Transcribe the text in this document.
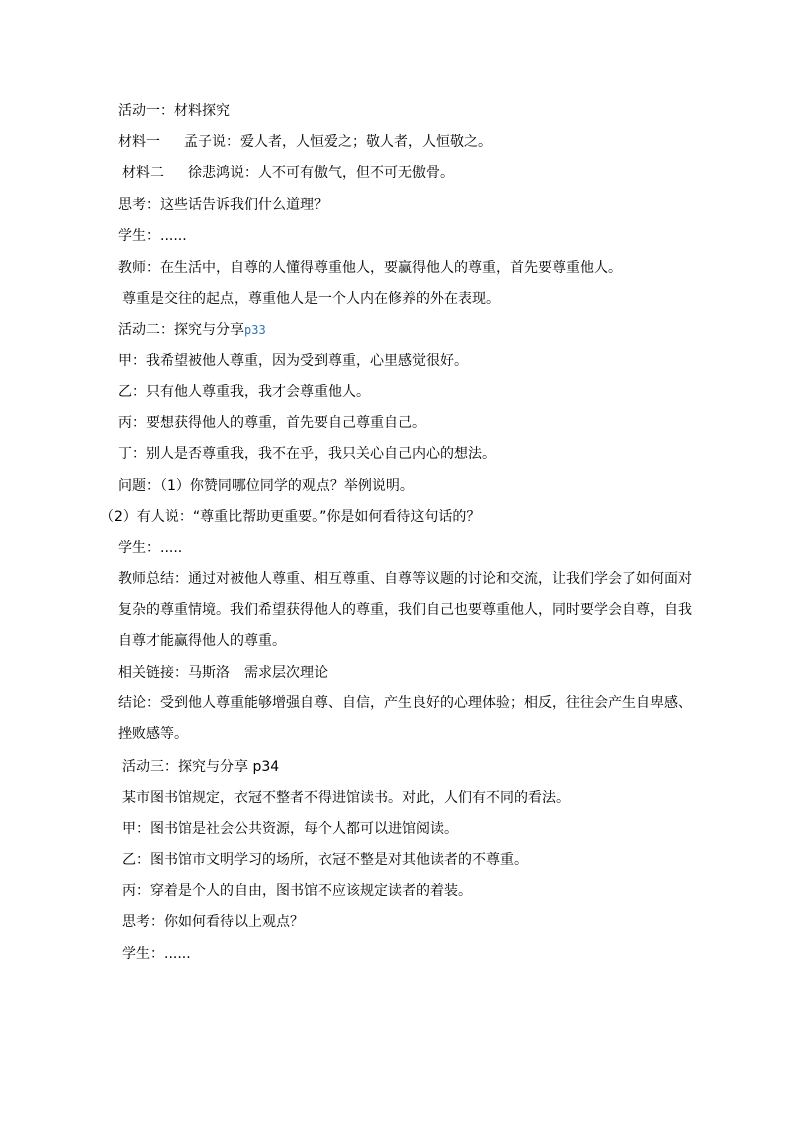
活动一：材料探究
材料一 孟子说：爱人者，人恒爱之；敬人者，人恒敬之。
材料二 徐悲鸿说：人不可有傲气，但不可无傲骨。
思考：这些话告诉我们什么道理？
学生：......
教师：在生活中，自尊的人懂得尊重他人，要赢得他人的尊重，首先要尊重他人。
尊重是交往的起点，尊重他人是一个人内在修养的外在表现。
活动二：探究与分享p33
甲：我希望被他人尊重，因为受到尊重，心里感觉很好。
乙：只有他人尊重我，我才会尊重他人。
丙：要想获得他人的尊重，首先要自己尊重自己。
丁：别人是否尊重我，我不在乎，我只关心自己内心的想法。
问题：（1）你赞同哪位同学的观点？举例说明。
（2）有人说：“尊重比帮助更重要。”你是如何看待这句话的？
学生：.....
教师总结：通过对被他人尊重、相互尊重、自尊等议题的讨论和交流，让我们学会了如何面对复杂的尊重情境。我们希望获得他人的尊重，我们自己也要尊重他人，同时要学会自尊，自我自尊才能赢得他人的尊重。
相关链接：马斯洛 需求层次理论
结论：受到他人尊重能够增强自尊、自信，产生良好的心理体验；相反，往往会产生自卑感、挫败感等。
活动三：探究与分享 p34
某市图书馆规定，衣冠不整者不得进馆读书。对此，人们有不同的看法。
甲：图书馆是社会公共资源，每个人都可以进馆阅读。
乙：图书馆市文明学习的场所，衣冠不整是对其他读者的不尊重。
丙：穿着是个人的自由，图书馆不应该规定读者的着装。
思考：你如何看待以上观点？
学生：......
